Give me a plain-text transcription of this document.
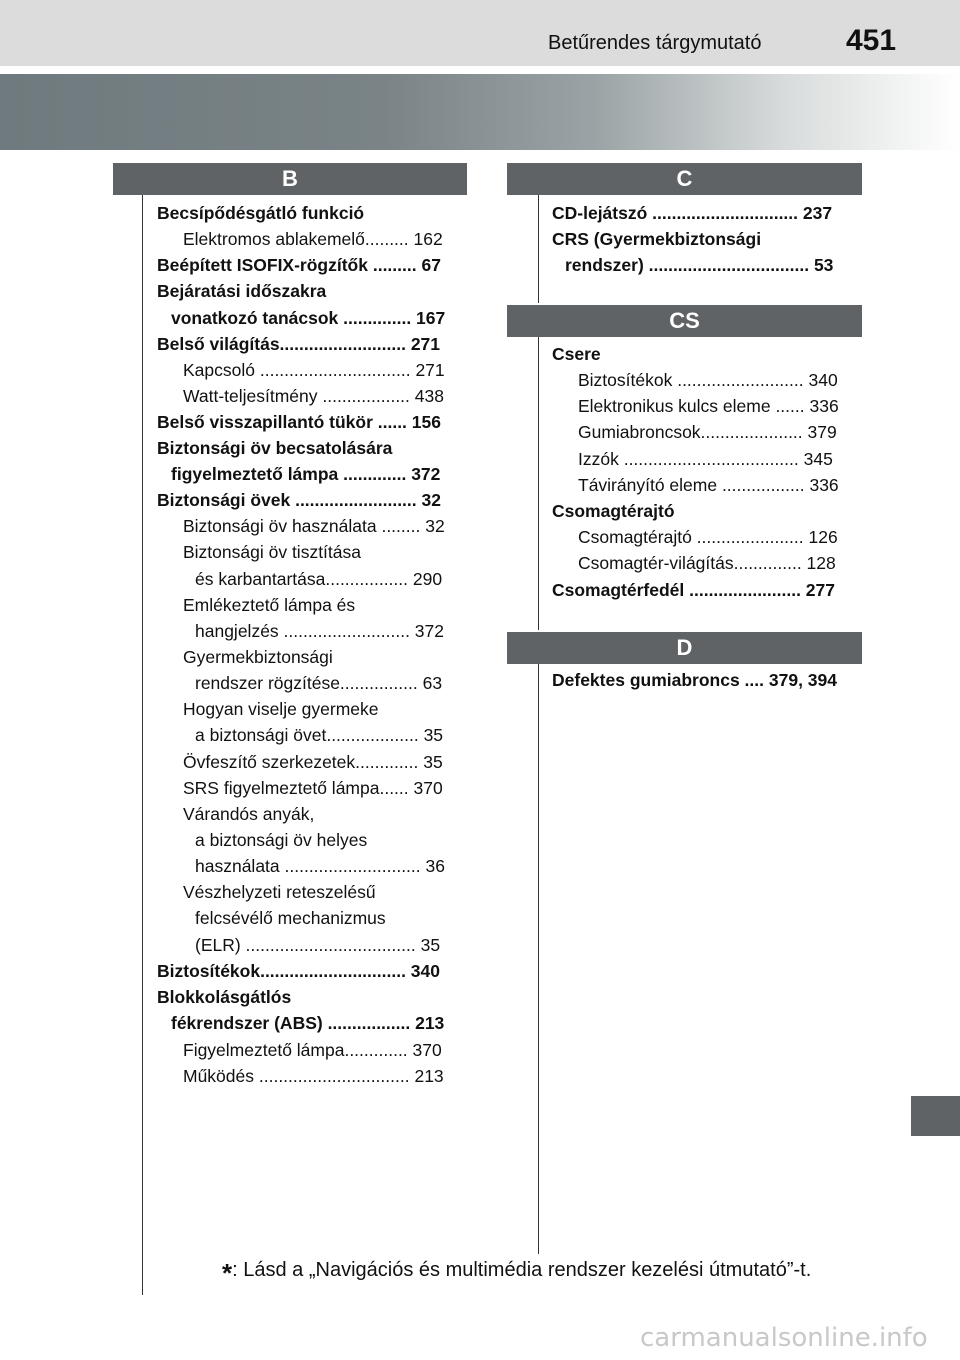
Betűrendes tárgymutató	451
B	C
CS
D
Becsípődésgátló funkció
Elektromos ablakemelő......... 162
Beépített ISOFIX-rögzítők ......... 67
Bejáratási időszakra
vonatkozó tanácsok .............. 167
Belső világítás.......................... 271
Kapcsoló ............................... 271
Watt-teljesítmény .................. 438
Belső visszapillantó tükör ...... 156
Biztonsági öv becsatolására
figyelmeztető lámpa ............. 372
Biztonsági övek ......................... 32
Biztonsági öv használata ........ 32
Biztonsági öv tisztítása
és karbantartása................. 290
Emlékeztető lámpa és
hangjelzés .......................... 372
Gyermekbiztonsági
rendszer rögzítése................ 63
Hogyan viselje gyermeke
a biztonsági övet................... 35
Övfeszítő szerkezetek............. 35
SRS figyelmeztető lámpa...... 370
Várandós anyák,
a biztonsági öv helyes
használata ............................ 36
Vészhelyzeti reteszelésű
felcsévélő mechanizmus
(ELR) ................................... 35
Biztosítékok.............................. 340
Blokkolásgátlós
fékrendszer (ABS) ................. 213
Figyelmeztető lámpa............. 370
Működés ............................... 213
CD-lejátszó .............................. 237
CRS (Gyermekbiztonsági
rendszer) ................................. 53
Csere
Biztosítékok .......................... 340
Elektronikus kulcs eleme ...... 336
Gumiabroncsok..................... 379
Izzók .................................... 345
Távirányító eleme ................. 336
Csomagtérajtó
Csomagtérajtó ...................... 126
Csomagtér-világítás.............. 128
Csomagtérfedél ....................... 277
Defektes gumiabroncs .... 379, 394
*: Lásd a „Navigációs és multimédia rendszer kezelési útmutató”-t.
carmanualsonline.info
